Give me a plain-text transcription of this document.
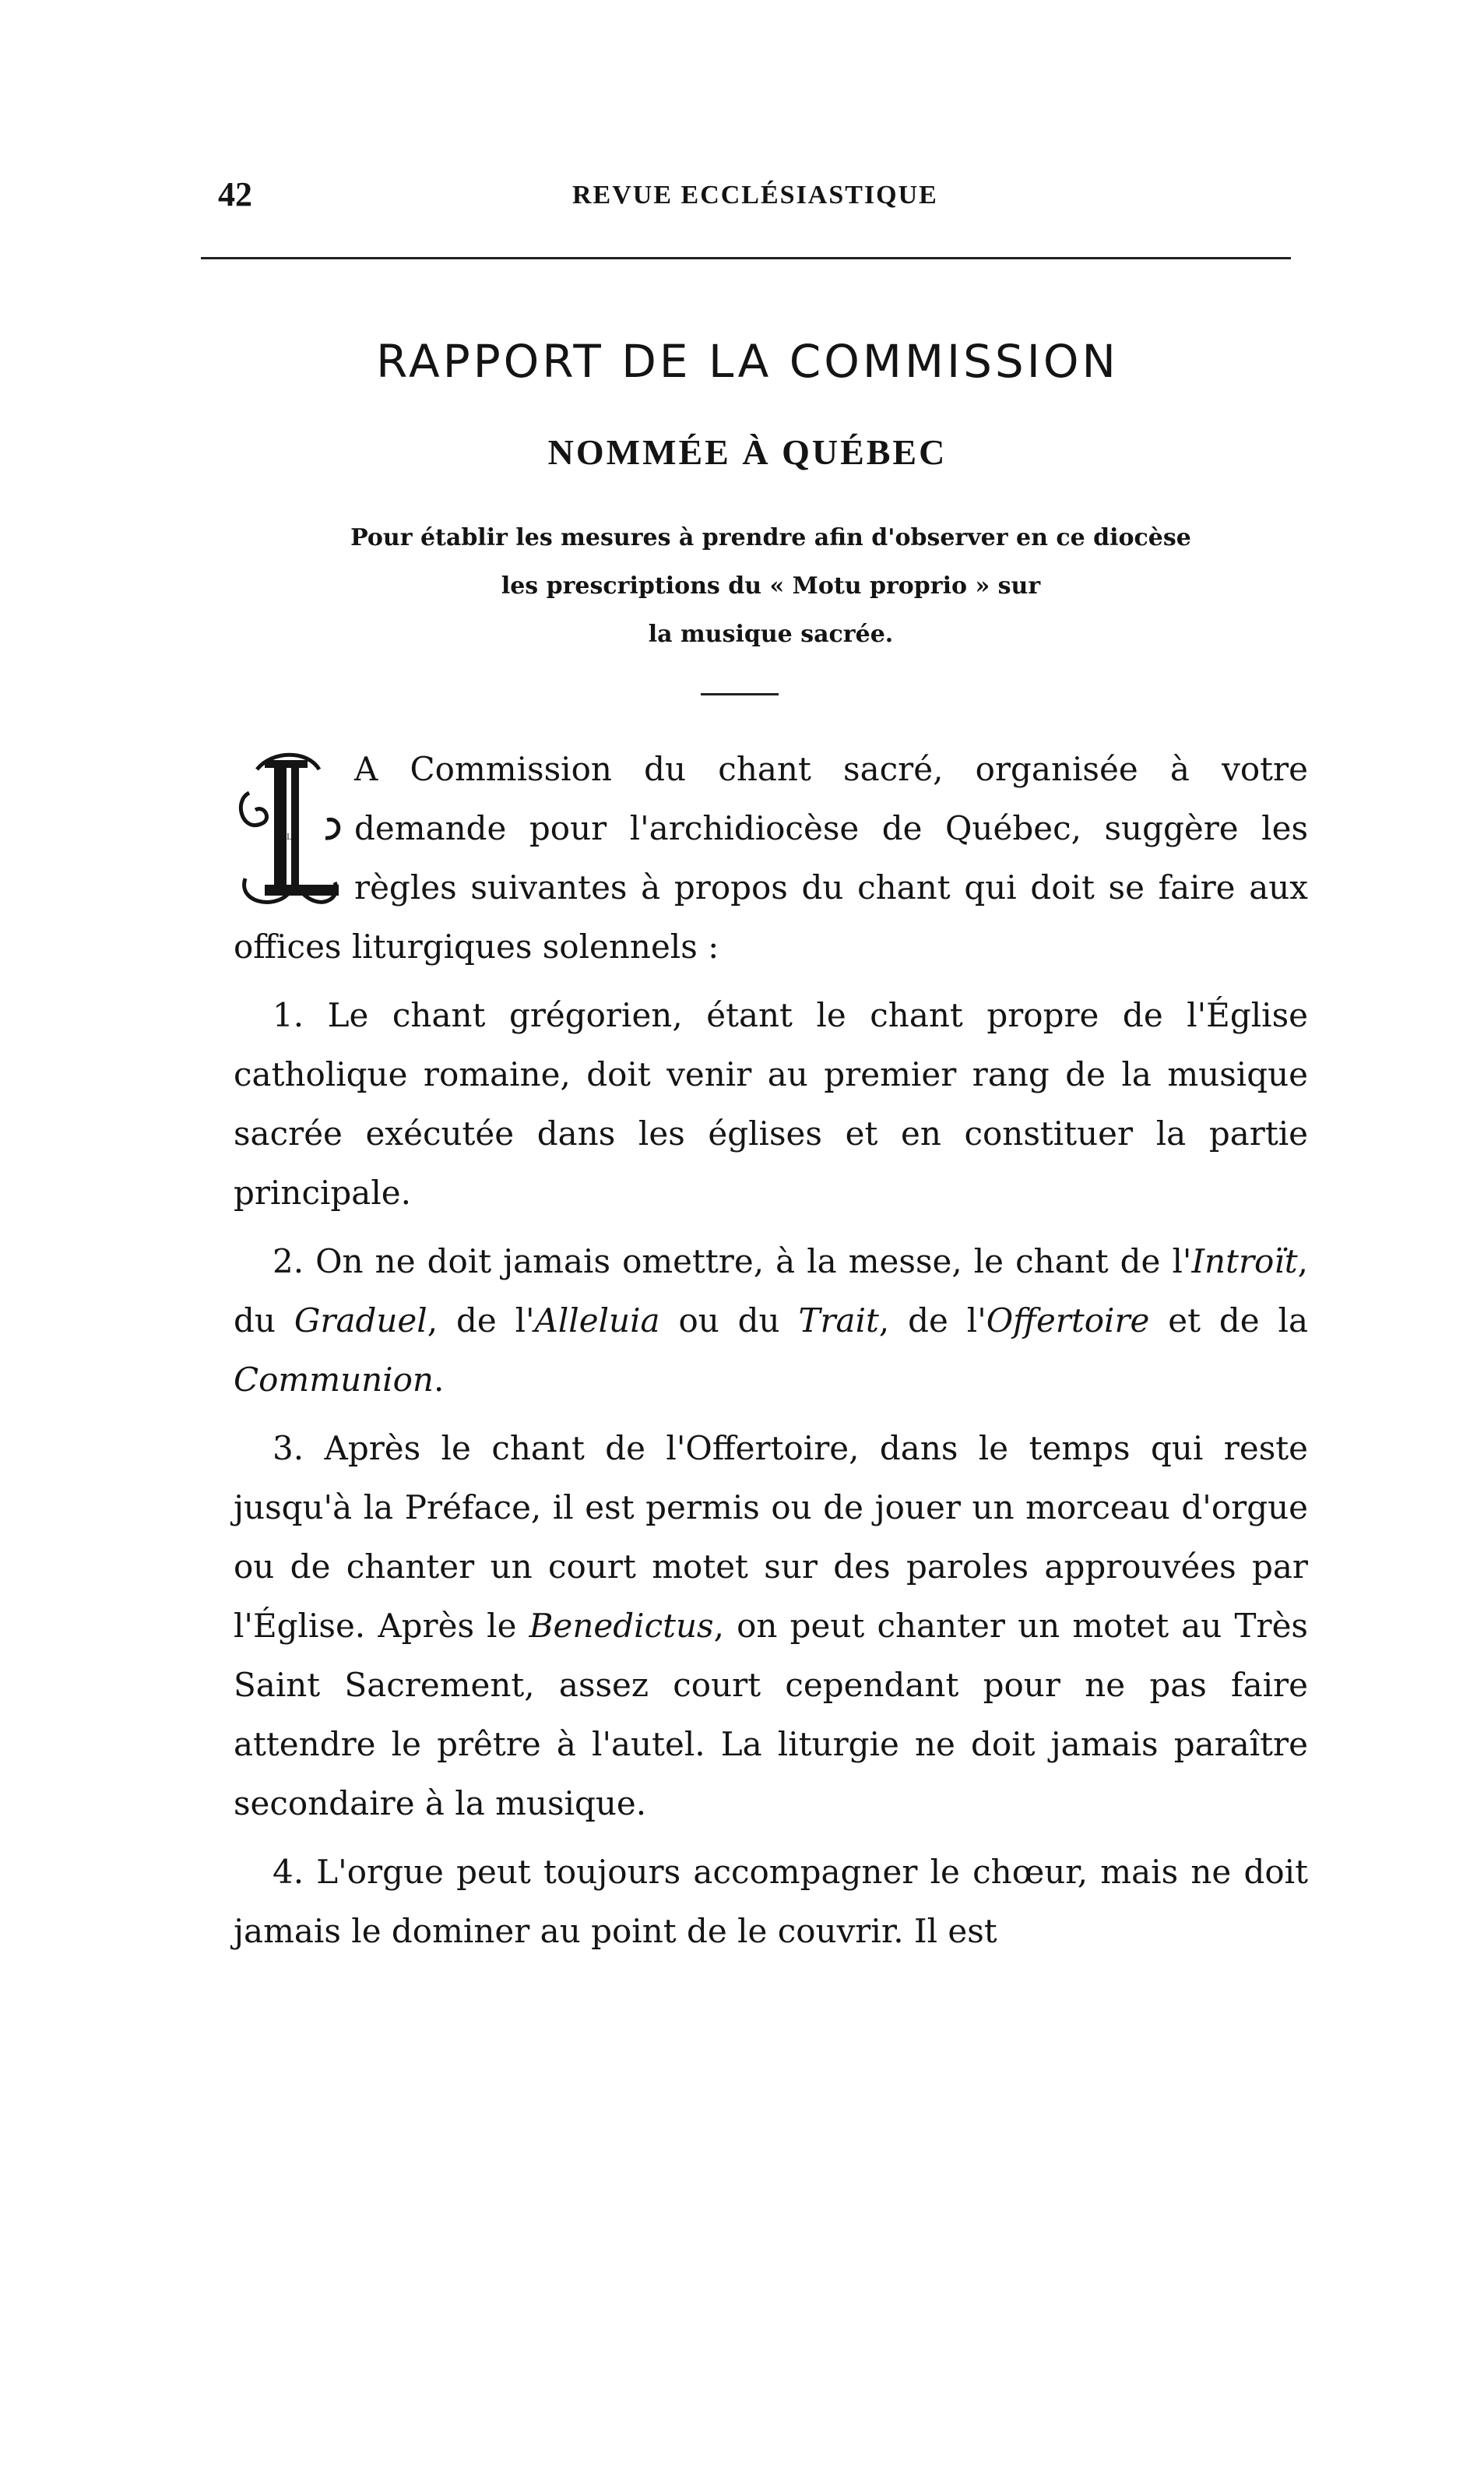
42	REVUE ECCLÉSIASTIQUE
RAPPORT DE LA COMMISSION
NOMMÉE À QUÉBEC
Pour établir les mesures à prendre afin d'observer en ce diocèse
les prescriptions du « Motu proprio » sur
la musique sacrée.

L
A Commission du chant sacré, organisée à votre demande pour l'archidiocèse de Québec, suggère les règles suivantes à propos du chant qui doit se faire aux offices liturgiques solennels :

1. Le chant grégorien, étant le chant propre de l'Église catholique romaine, doit venir au premier rang de la musique sacrée exécutée dans les églises et en constituer la partie principale.

2. On ne doit jamais omettre, à la messe, le chant de l'Introït, du Graduel, de l'Alleluia ou du Trait, de l'Offertoire et de la Communion.

3. Après le chant de l'Offertoire, dans le temps qui reste jusqu'à la Préface, il est permis ou de jouer un morceau d'orgue ou de chanter un court motet sur des paroles approuvées par l'Église. Après le Benedictus, on peut chanter un motet au Très Saint Sacrement, assez court cependant pour ne pas faire attendre le prêtre à l'autel. La liturgie ne doit jamais paraître secondaire à la musique.

4. L'orgue peut toujours accompagner le chœur, mais ne doit jamais le dominer au point de le couvrir. Il est
